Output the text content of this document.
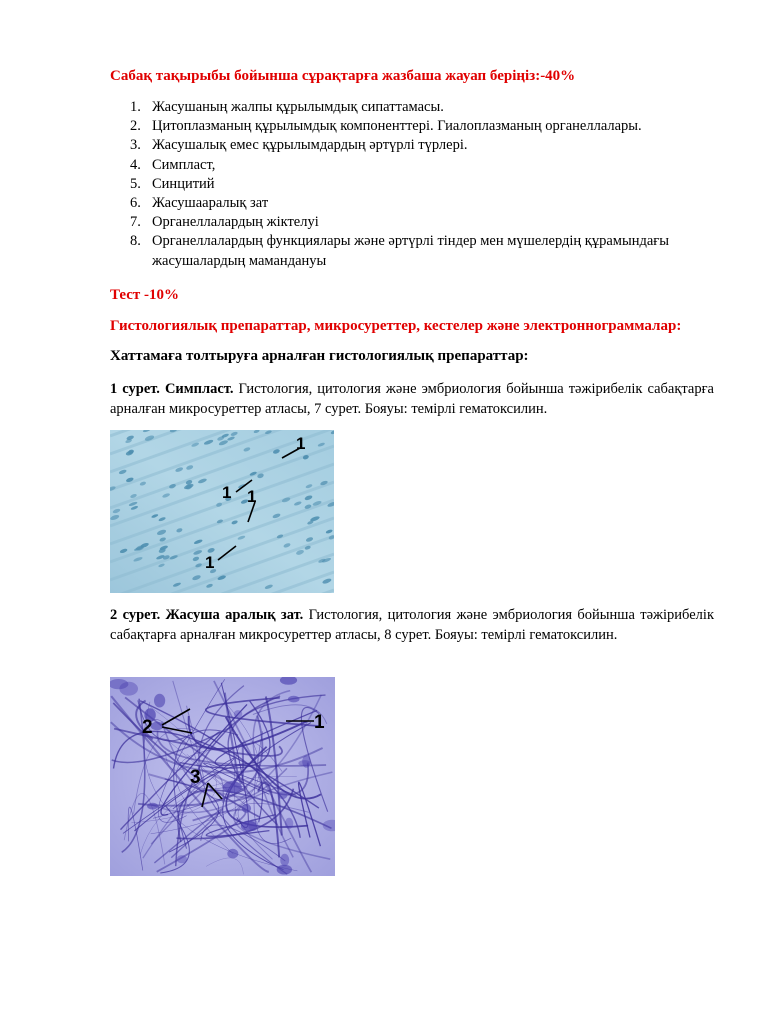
Сабақ тақырыбы бойынша сұрақтарға жазбаша жауап беріңіз:-40%
1. Жасушаның жалпы құрылымдық сипаттамасы.
2. Цитоплазманың құрылымдық компоненттері. Гиалоплазманың органеллалары.
3. Жасушалық емес құрылымдардың әртүрлі түрлері.
4. Симпласт,
5. Синцитий
6. Жасушааралық зат
7. Органеллалардың жіктелуі
8. Органеллалардың функциялары және әртүрлі тіндер мен мүшелердің құрамындағы жасушалардың мамандануы
Тест -10%
Гистологиялық препараттар, микросуреттер, кестелер және электроннограммалар:
Хаттамаға толтыруға арналған гистологиялық препараттар:
1 сурет. Симпласт. Гистология, цитология және эмбриология бойынша тәжірибелік сабақтарға арналған микросуреттер атласы, 7 сурет. Бояуы: темірлі гематоксилин.
1
1 1
1
2 сурет. Жасуша аралық зат. Гистология, цитология және эмбриология бойынша тәжірибелік сабақтарға арналған микросуреттер атласы, 8 сурет. Бояуы: темірлі гематоксилин.
2	1
3
